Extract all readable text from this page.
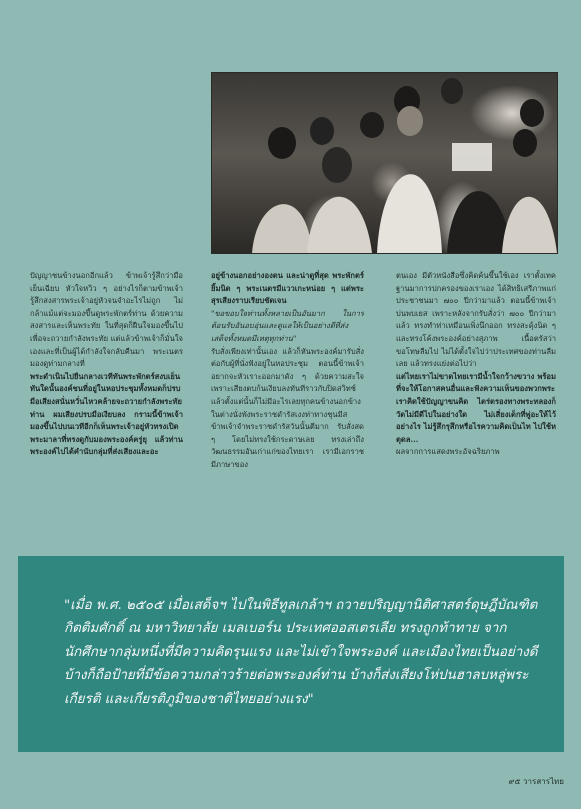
ปัญญาชนข้างนอกอีกแล้ว ข้าพเจ้ารู้สึกว่ามือเย็นเฉียบ หัวใจหวิว ๆ อย่างไรก็ตามข้าพเจ้ารู้สึกสงสารพระเจ้าอยู่หัวจนจำอะไรไม่ถูก ไม่กล้าแม้แต่จะมองขึ้นดูพระพักตร์ท่าน ด้วยความสงสารและเห็นพระทัย ในที่สุดก็ฝืนใจมองขึ้นไปเพื่อจะถวายกำลังพระทัย แต่แล้วข้าพเจ้าก็มั่นใจเองและที่เป็นผู้ได้กำลังใจกลับคืนมา พระเนตรมองดูท่ามกลางที่

พระดำเนินไปยืนกลางเวทีทันพระพักตร์สงบเย็น ทันใดนั้นองค์ชนที่อยู่ในหอประชุมทั้งหมดก็ปรบมือเสียงสนั่นหวั่นไหวคล้ายจะถวายกำลังพระทัยท่าน ผมเสียงปรบมือเงียบลง กรามนี้ข้าพเจ้ามองขึ้นไปบนเวทีอีกก็เห็นพระเจ้าอยู่หัวทรงเปิดพระมาลาที่ทรงดูกับมองพระองค์ครู่ยุ แล้วท่านพระองค์ไปได้คำนับกลุ่มที่ส่งเสียงและอะ

อยู่ข้างนอกอย่างองตน และน่าดูที่สุด พระพักตร์ยิ้มนิด ๆ พระเนตรมีแววเกะหน่อย ๆ แต่พระสุรเสียงราบเรียบชัดเจน

"ขอขอบใจท่านทั้งหลายเป็นอันมาก ในการต้อนรับอันอบอุ่นและดูแลให้เป็นอย่างดีที่ส่งเสด็จทั้งหมดมีเหตุทุกท่าน"

รับสั่งเพียงเท่านั้นเอง แล้วก็หันพระองค์มารับสั่งต่อกับผู้ที่นั่งฟังอยู่ในหอประชุม ตอนนี้ข้าพเจ้าอยากจะหัวเราะออกมาดัง ๆ ด้วยความสะใจ เพราะเสียงตบก้นเงียบลงทันทีราวกับปิดสวิทช์ แล้วตั้งแต่นั้นก็ไม่มีอะไรเลยทุกคนข้างนอกข้างในต่างนั่งพังพระราชดำรัสเงงท่าทางชุนมีส ข้าพเจ้าจำพระราชดำรัสวันนั้นตีมาก รับสั่งสด ๆ โดยไม่ทรงใช้กระดาษเลย ทรงเล่าถึงวัฒนธรรมอันเก่าแก่ของไทยเรา เรามีเอกราช มีภาษาของ

ตนเอง มีตัวหนังสือซึ่งคิดค้นขึ้นใช้เอง เราตั้งเทคฐานมาการปกครองของเราเอง ได้สิทธิเสรีภาพแก่ประชาชนมา ๗๐๐ ปีกว่ามาแล้ว ตอนนี้ข้าพเจ้าบ่นพบเยส เพราะหลังจากรับสั่งว่า ๗๐๐ ปีกว่ามาแล้ว ทรงทำท่าเหมือนเพิ่งนึกออก ทรงสะดุ้งนิด ๆ และทรงโค้งพระองค์อย่างสุภาพ เนื้อตรัสว่า ขอโทษลืมไป ไม่ได้ตั้งใจไปว่าประเทศของท่านลืมเลย แล้วทรงแย่งต่อไปว่า

แต่ไทยเราไม่ขาดไทยเรามีน้ำใจกว้างขวาง พร้อมที่จะให้โอกาสคนอื่นและฟังความเห็นของพวกพระเราคิดใช้ปัญญาขนคิด ไตร่ตรองทางพระทลองก็วัดไม่มีดีไปในอย่างใด ไม่เสี่ยงเด็กที่พู่อะให้ไว้อย่างไร ไม่รู้สึกรุสึกหรือไรความคิดเป็นไท ไปใช้หตุดล...

ผลจากการแสดงพระอัจฉริยภาพ

"เมื่อ พ.ศ. ๒๕๐๕ เมื่อเสด็จฯ ไปในพิธีทูลเกล้าฯ ถวายปริญญานิติศาสตร์ดุษฎีบัณฑิตกิตติมศักดิ์ ณ มหาวิทยาลัย เมลเบอร์น ประเทศออสเตรเลีย ทรงถูกท้าทาย จากนักศึกษากลุ่มหนึ่งที่มีความคิดรุนแรง และไม่เข้าใจพระองค์ และเมืองไทยเป็นอย่างดี บ้างก็ถือป้ายที่มีข้อความกล่าวร้ายต่อพระองค์ท่าน บ้างก็ส่งเสียงโห่ปนฮาลบหลู่พระเกียรติ และเกียรติภูมิของชาติไทยอย่างแรง"

๙๕ วารสารไทย
